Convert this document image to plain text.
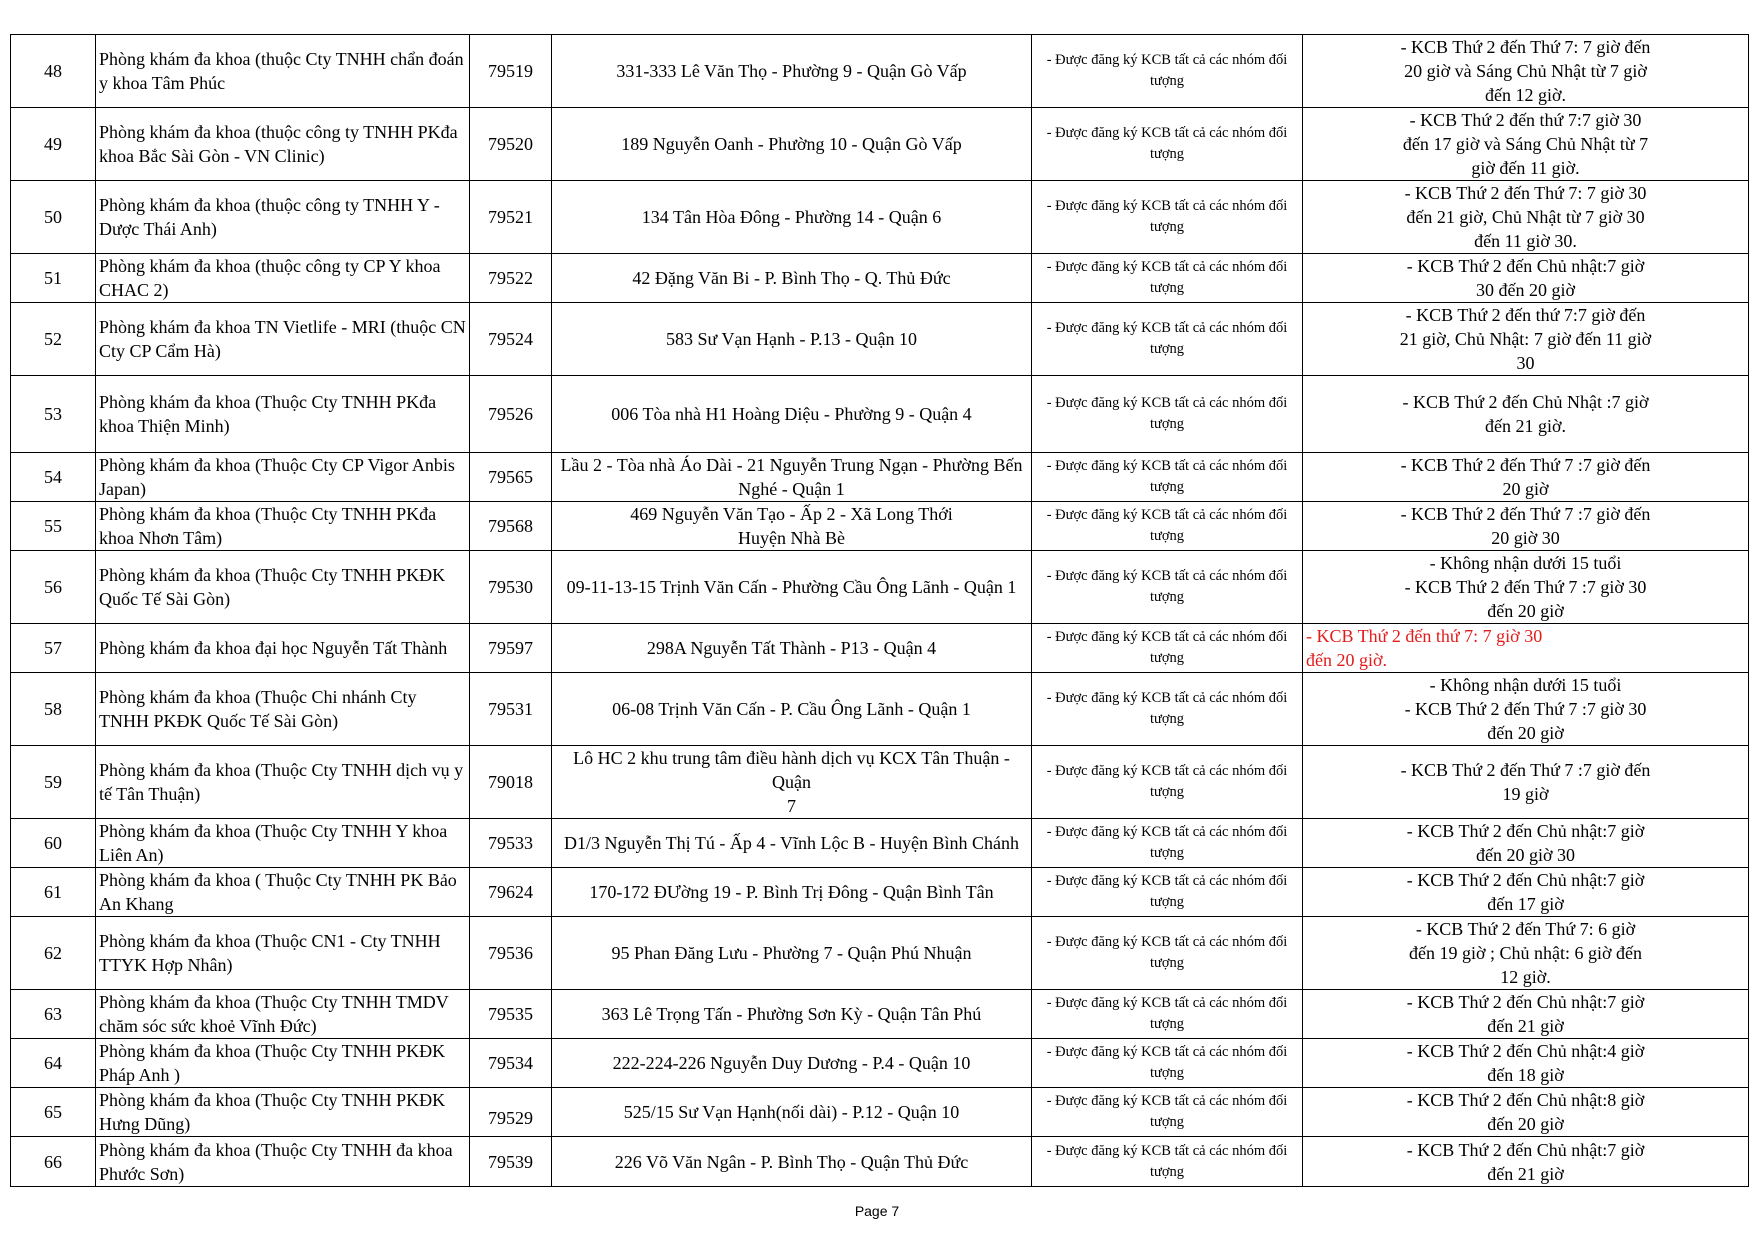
48	Phòng khám đa khoa (thuộc Cty TNHH chẩn đoán y khoa Tâm Phúc	79519	331-333 Lê Văn Thọ - Phường 9 - Quận Gò Vấp	- Được đăng ký KCB tất cả các nhóm đối tượng	- KCB Thứ 2 đến Thứ 7: 7 giờ đến
20 giờ và Sáng Chủ Nhật từ 7 giờ
đến 12 giờ.

49	Phòng khám đa khoa (thuộc công ty TNHH PKđa khoa Bắc Sài Gòn - VN Clinic)	79520	189 Nguyễn Oanh - Phường 10 - Quận Gò Vấp	- Được đăng ký KCB tất cả các nhóm đối tượng	- KCB Thứ 2 đến thứ 7:7 giờ 30
đến 17 giờ và Sáng Chủ Nhật từ 7
giờ đến 11 giờ.

50	Phòng khám đa khoa (thuộc công ty TNHH Y - Dược Thái Anh)	79521	134 Tân Hòa Đông - Phường 14 - Quận 6	- Được đăng ký KCB tất cả các nhóm đối tượng	- KCB Thứ 2 đến Thứ 7: 7 giờ 30
đến 21 giờ, Chủ Nhật từ 7 giờ 30
đến 11 giờ 30.

51	Phòng khám đa khoa (thuộc công ty CP Y khoa CHAC 2)	79522	42 Đặng Văn Bi - P. Bình Thọ - Q. Thủ Đức	- Được đăng ký KCB tất cả các nhóm đối tượng	- KCB Thứ 2 đến Chủ nhật:7 giờ
30 đến 20 giờ

52	Phòng khám đa khoa TN Vietlife - MRI (thuộc CN Cty CP Cẩm Hà)	79524	583 Sư Vạn Hạnh - P.13 - Quận 10	- Được đăng ký KCB tất cả các nhóm đối tượng	- KCB Thứ 2 đến thứ 7:7 giờ đến
21 giờ, Chủ Nhật: 7 giờ đến 11 giờ
30

53	Phòng khám đa khoa (Thuộc Cty TNHH PKđa khoa Thiện Minh)	79526	006 Tòa nhà H1 Hoàng Diệu - Phường 9 - Quận 4	- Được đăng ký KCB tất cả các nhóm đối tượng	- KCB Thứ 2 đến Chủ Nhật :7 giờ
đến 21 giờ.

54	Phòng khám đa khoa (Thuộc Cty CP Vigor Anbis Japan)	79565	Lầu 2 - Tòa nhà Áo Dài - 21 Nguyễn Trung Ngạn - Phường Bến
Nghé - Quận 1	- Được đăng ký KCB tất cả các nhóm đối tượng	- KCB Thứ 2 đến Thứ 7 :7 giờ đến
20 giờ

55	Phòng khám đa khoa (Thuộc Cty TNHH PKđa khoa Nhơn Tâm)	79568	469 Nguyễn Văn Tạo - Ấp 2 - Xã Long Thới
Huyện Nhà Bè	- Được đăng ký KCB tất cả các nhóm đối tượng	- KCB Thứ 2 đến Thứ 7 :7 giờ đến
20 giờ 30

56	Phòng khám đa khoa (Thuộc Cty TNHH PKĐK Quốc Tế Sài Gòn)	79530	09-11-13-15 Trịnh Văn Cấn - Phường Cầu Ông Lãnh - Quận 1	- Được đăng ký KCB tất cả các nhóm đối tượng	- Không nhận dưới 15 tuổi
- KCB Thứ 2 đến Thứ 7 :7 giờ 30
đến 20 giờ

57	Phòng khám đa khoa đại học Nguyễn Tất Thành	79597	298A Nguyễn Tất Thành - P13 - Quận 4	- Được đăng ký KCB tất cả các nhóm đối tượng	- KCB Thứ 2 đến thứ 7: 7 giờ 30
đến 20 giờ.

58	Phòng khám đa khoa (Thuộc Chi nhánh Cty TNHH PKĐK Quốc Tế Sài Gòn)	79531	06-08 Trịnh Văn Cấn - P. Cầu Ông Lãnh - Quận 1	- Được đăng ký KCB tất cả các nhóm đối tượng	- Không nhận dưới 15 tuổi
- KCB Thứ 2 đến Thứ 7 :7 giờ 30
đến 20 giờ

59	Phòng khám đa khoa (Thuộc Cty TNHH dịch vụ y tế Tân Thuận)	79018	Lô HC 2 khu trung tâm điều hành dịch vụ KCX Tân Thuận - Quận
7	- Được đăng ký KCB tất cả các nhóm đối tượng	- KCB Thứ 2 đến Thứ 7 :7 giờ đến
19 giờ

60	Phòng khám đa khoa (Thuộc Cty TNHH Y khoa Liên An)	79533	D1/3 Nguyễn Thị Tú - Ấp 4 - Vĩnh Lộc B - Huyện Bình Chánh	- Được đăng ký KCB tất cả các nhóm đối tượng	- KCB Thứ 2 đến Chủ nhật:7 giờ
đến 20 giờ 30

61	Phòng khám đa khoa ( Thuộc Cty TNHH PK Bảo An Khang	79624	170-172 ĐƯờng 19 - P. Bình Trị Đông - Quận Bình Tân	- Được đăng ký KCB tất cả các nhóm đối tượng	- KCB Thứ 2 đến Chủ nhật:7 giờ
đến 17 giờ

62	Phòng khám đa khoa (Thuộc CN1 - Cty TNHH TTYK Hợp Nhân)	79536	95 Phan Đăng Lưu - Phường 7 - Quận Phú Nhuận	- Được đăng ký KCB tất cả các nhóm đối tượng	- KCB Thứ 2 đến Thứ 7: 6 giờ
đến 19 giờ ; Chủ nhật: 6 giờ đến
12 giờ.

63	Phòng khám đa khoa (Thuộc Cty TNHH TMDV chăm sóc sức khoẻ Vĩnh Đức)	79535	363 Lê Trọng Tấn - Phường Sơn Kỳ - Quận Tân Phú	- Được đăng ký KCB tất cả các nhóm đối tượng	- KCB Thứ 2 đến Chủ nhật:7 giờ
đến 21 giờ

64	Phòng khám đa khoa (Thuộc Cty TNHH PKĐK Pháp Anh )	79534	222-224-226 Nguyễn Duy Dương - P.4 - Quận 10	- Được đăng ký KCB tất cả các nhóm đối tượng	- KCB Thứ 2 đến Chủ nhật:4 giờ
đến 18 giờ

65	Phòng khám đa khoa (Thuộc Cty TNHH PKĐK Hưng Dũng)	79529	525/15 Sư Vạn Hạnh(nối dài) - P.12 - Quận 10	- Được đăng ký KCB tất cả các nhóm đối tượng	- KCB Thứ 2 đến Chủ nhật:8 giờ
đến 20 giờ

66	Phòng khám đa khoa (Thuộc Cty TNHH đa khoa Phước Sơn)	79539	226 Võ Văn Ngân - P. Bình Thọ - Quận Thủ Đức	- Được đăng ký KCB tất cả các nhóm đối tượng	- KCB Thứ 2 đến Chủ nhật:7 giờ
đến 21 giờ
Page 7
